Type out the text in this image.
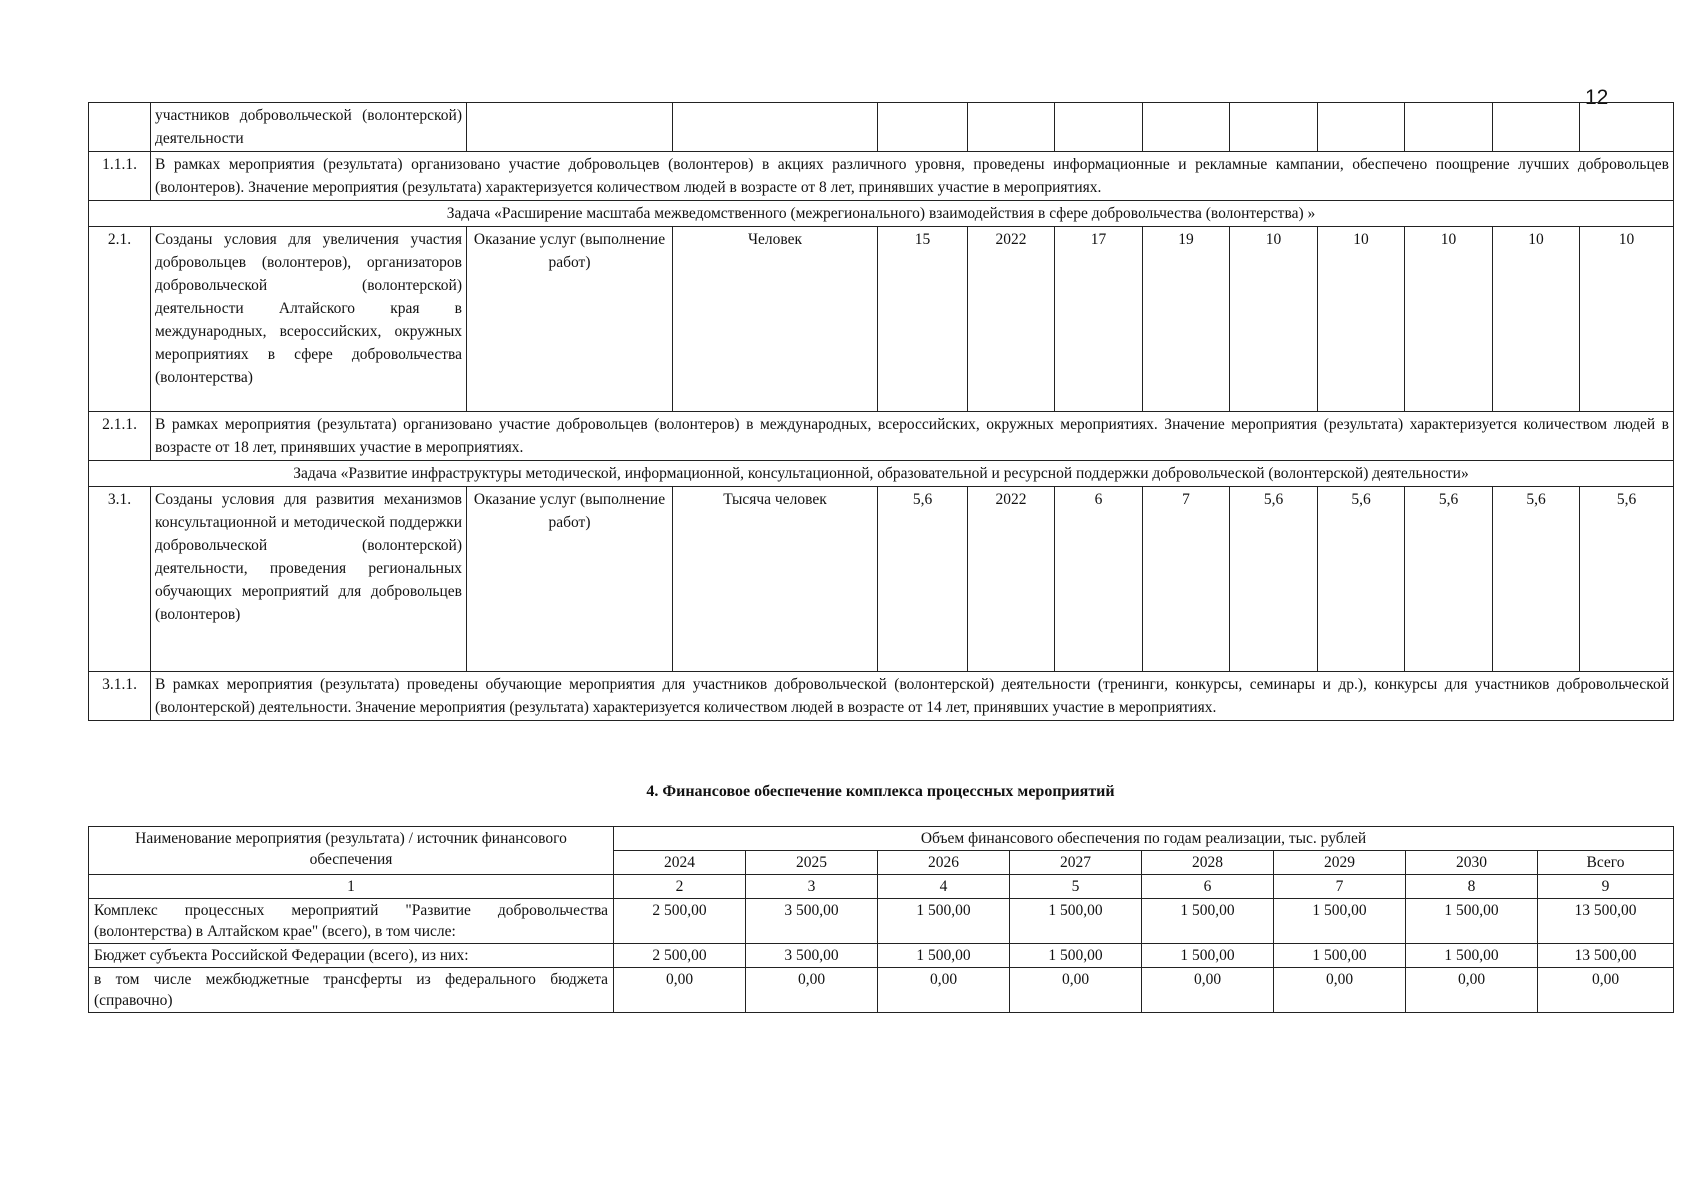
12
	участников добровольческой (волонтерской) деятельности											
1.1.1.	В рамках мероприятия (результата) организовано участие добровольцев (волонтеров) в акциях различного уровня, проведены информационные и рекламные кампании, обеспечено поощрение лучших добровольцев (волонтеров). Значение мероприятия (результата) характеризуется количеством людей в возрасте от 8 лет, принявших участие в мероприятиях.											
Задача «Расширение масштаба межведомственного (межрегионального) взаимодействия в сфере добровольчества (волонтерства) »												
2.1.	Созданы условия для увеличения участия добровольцев (волонтеров), организаторов добровольческой (волонтерской) деятельности Алтайского края в международных, всероссийских, окружных мероприятиях в сфере добровольчества (волонтерства)	Оказание услуг (выполнение работ)	Человек	15	2022	17	19	10	10	10	10	10
2.1.1.	В рамках мероприятия (результата) организовано участие добровольцев (волонтеров) в международных, всероссийских, окружных мероприятиях. Значение мероприятия (результата) характеризуется количеством людей в возрасте от 18 лет, принявших участие в мероприятиях.											
Задача «Развитие инфраструктуры методической, информационной, консультационной, образовательной и ресурсной поддержки добровольческой (волонтерской) деятельности»												
3.1.	Созданы условия для развития механизмов консультационной и методической поддержки добровольческой (волонтерской) деятельности, проведения региональных обучающих мероприятий для добровольцев (волонтеров)	Оказание услуг (выполнение работ)	Тысяча человек	5,6	2022	6	7	5,6	5,6	5,6	5,6	5,6
3.1.1.	В рамках мероприятия (результата) проведены обучающие мероприятия для участников добровольческой (волонтерской) деятельности (тренинги, конкурсы, семинары и др.), конкурсы для участников добровольческой (волонтерской) деятельности. Значение мероприятия (результата) характеризуется количеством людей в возрасте от 14 лет, принявших участие в мероприятиях.											
4. Финансовое обеспечение комплекса процессных мероприятий
Наименование мероприятия (результата) / источник финансового обеспечения	Объем финансового обеспечения по годам реализации, тыс. рублей							
	2024	2025	2026	2027	2028	2029	2030	Всего
1	2	3	4	5	6	7	8	9
Комплекс процессных мероприятий "Развитие добровольчества (волонтерства) в Алтайском крае" (всего), в том числе:	2 500,00	3 500,00	1 500,00	1 500,00	1 500,00	1 500,00	1 500,00	13 500,00
Бюджет субъекта Российской Федерации (всего), из них:	2 500,00	3 500,00	1 500,00	1 500,00	1 500,00	1 500,00	1 500,00	13 500,00
в том числе межбюджетные трансферты из федерального бюджета (справочно)	0,00	0,00	0,00	0,00	0,00	0,00	0,00	0,00
